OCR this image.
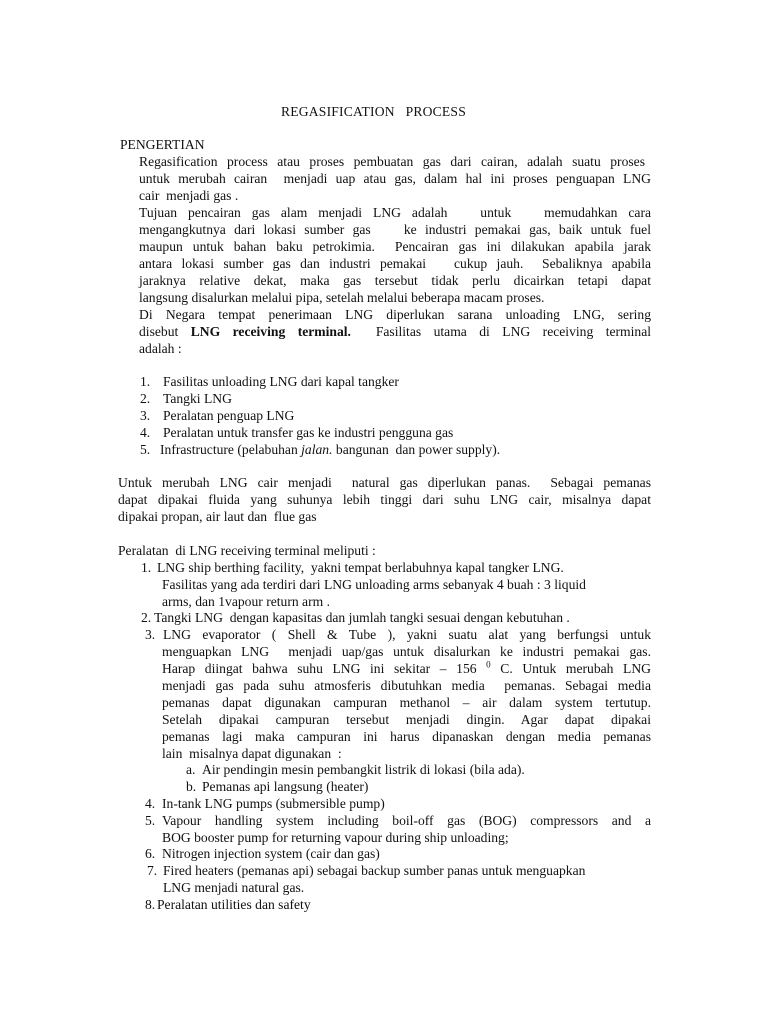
REGASIFICATION   PROCESS
PENGERTIAN
Regasification process atau proses pembuatan gas dari cairan, adalah suatu proses
untuk merubah cairan  menjadi uap atau gas, dalam hal ini proses penguapan LNG
cair  menjadi gas .
Tujuan pencairan gas alam menjadi LNG adalah   untuk   memudahkan cara
mengangkutnya dari lokasi sumber gas    ke industri pemakai gas, baik untuk fuel
maupun untuk bahan baku petrokimia.  Pencairan gas ini dilakukan apabila jarak
antara lokasi sumber gas dan industri pemakai   cukup jauh.  Sebaliknya apabila
jaraknya relative dekat, maka gas tersebut tidak perlu dicairkan tetapi dapat
langsung disalurkan melalui pipa, setelah melalui beberapa macam proses.
Di Negara tempat penerimaan LNG diperlukan sarana unloading LNG, sering
disebut LNG receiving terminal.  Fasilitas utama di LNG receiving terminal
adalah :
1. Fasilitas unloading LNG dari kapal tangker
2. Tangki LNG
3. Peralatan penguap LNG
4. Peralatan untuk transfer gas ke industri pengguna gas
5. Infrastructure (pelabuhan jalan. bangunan  dan power supply).
Untuk merubah LNG cair menjadi  natural gas diperlukan panas.  Sebagai pemanas
dapat dipakai fluida yang suhunya lebih tinggi dari suhu LNG cair, misalnya dapat
dipakai propan, air laut dan  flue gas
Peralatan  di LNG receiving terminal meliputi :
1. LNG ship berthing facility,  yakni tempat berlabuhnya kapal tangker LNG.
Fasilitas yang ada terdiri dari LNG unloading arms sebanyak 4 buah : 3 liquid
arms, dan 1vapour return arm .
2. Tangki LNG  dengan kapasitas dan jumlah tangki sesuai dengan kebutuhan .
3. LNG evaporator ( Shell & Tube ), yakni suatu alat yang berfungsi untuk
menguapkan LNG  menjadi uap/gas untuk disalurkan ke industri pemakai gas.
Harap diingat bahwa suhu LNG ini sekitar – 156 $^0$ C. Untuk merubah LNG
menjadi gas pada suhu atmosferis dibutuhkan media  pemanas. Sebagai media
pemanas dapat digunakan campuran methanol – air dalam system tertutup.
Setelah dipakai campuran tersebut menjadi dingin. Agar dapat dipakai
pemanas lagi maka campuran ini harus dipanaskan dengan media pemanas
lain  misalnya dapat digunakan  :
a. Air pendingin mesin pembangkit listrik di lokasi (bila ada).
b. Pemanas api langsung (heater)
4. In-tank LNG pumps (submersible pump)
5. Vapour handling system including boil-off gas (BOG) compressors and a
BOG booster pump for returning vapour during ship unloading;
6. Nitrogen injection system (cair dan gas)
7. Fired heaters (pemanas api) sebagai backup sumber panas untuk menguapkan
LNG menjadi natural gas.
8. Peralatan utilities dan safety
